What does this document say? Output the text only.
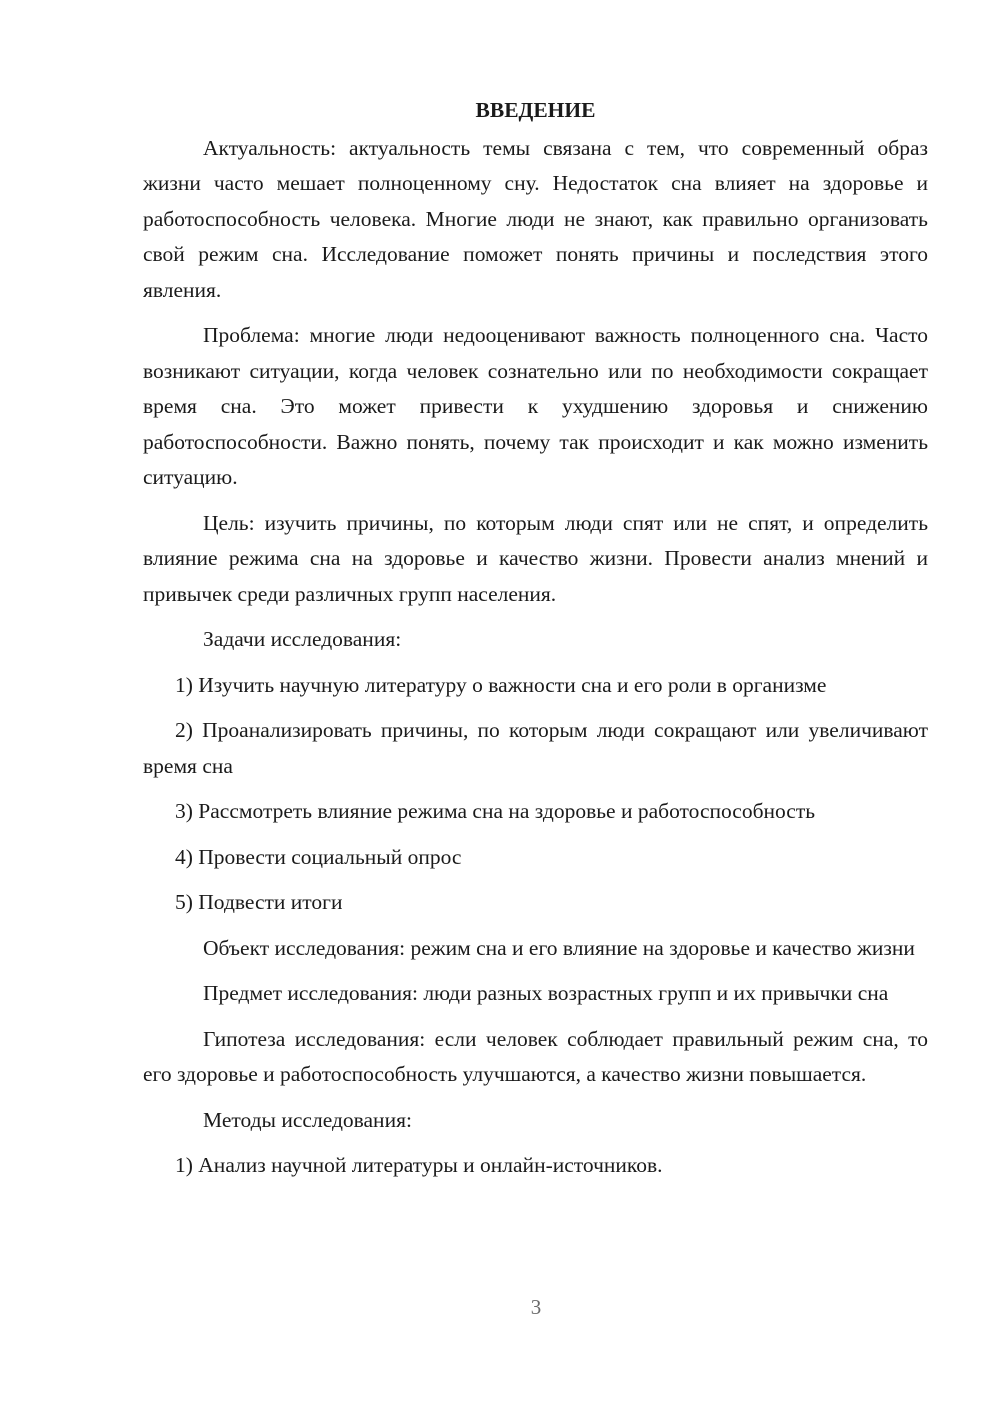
ВВЕДЕНИЕ

Актуальность: актуальность темы связана с тем, что современный образ жизни часто мешает полноценному сну. Недостаток сна влияет на здоровье и работоспособность человека. Многие люди не знают, как правильно организовать свой режим сна. Исследование поможет понять причины и последствия этого явления.

Проблема: многие люди недооценивают важность полноценного сна. Часто возникают ситуации, когда человек сознательно или по необходимости сокращает время сна. Это может привести к ухудшению здоровья и снижению работоспособности. Важно понять, почему так происходит и как можно изменить ситуацию.

Цель: изучить причины, по которым люди спят или не спят, и определить влияние режима сна на здоровье и качество жизни. Провести анализ мнений и привычек среди различных групп населения.

Задачи исследования:

1) Изучить научную литературу о важности сна и его роли в организме

2) Проанализировать причины, по которым люди сокращают или увеличивают время сна

3) Рассмотреть влияние режима сна на здоровье и работоспособность

4) Провести социальный опрос

5) Подвести итоги

Объект исследования: режим сна и его влияние на здоровье и качество жизни

Предмет исследования: люди разных возрастных групп и их привычки сна

Гипотеза исследования: если человек соблюдает правильный режим сна, то его здоровье и работоспособность улучшаются, а качество жизни повышается.

Методы исследования:

1) Анализ научной литературы и онлайн-источников.

3
